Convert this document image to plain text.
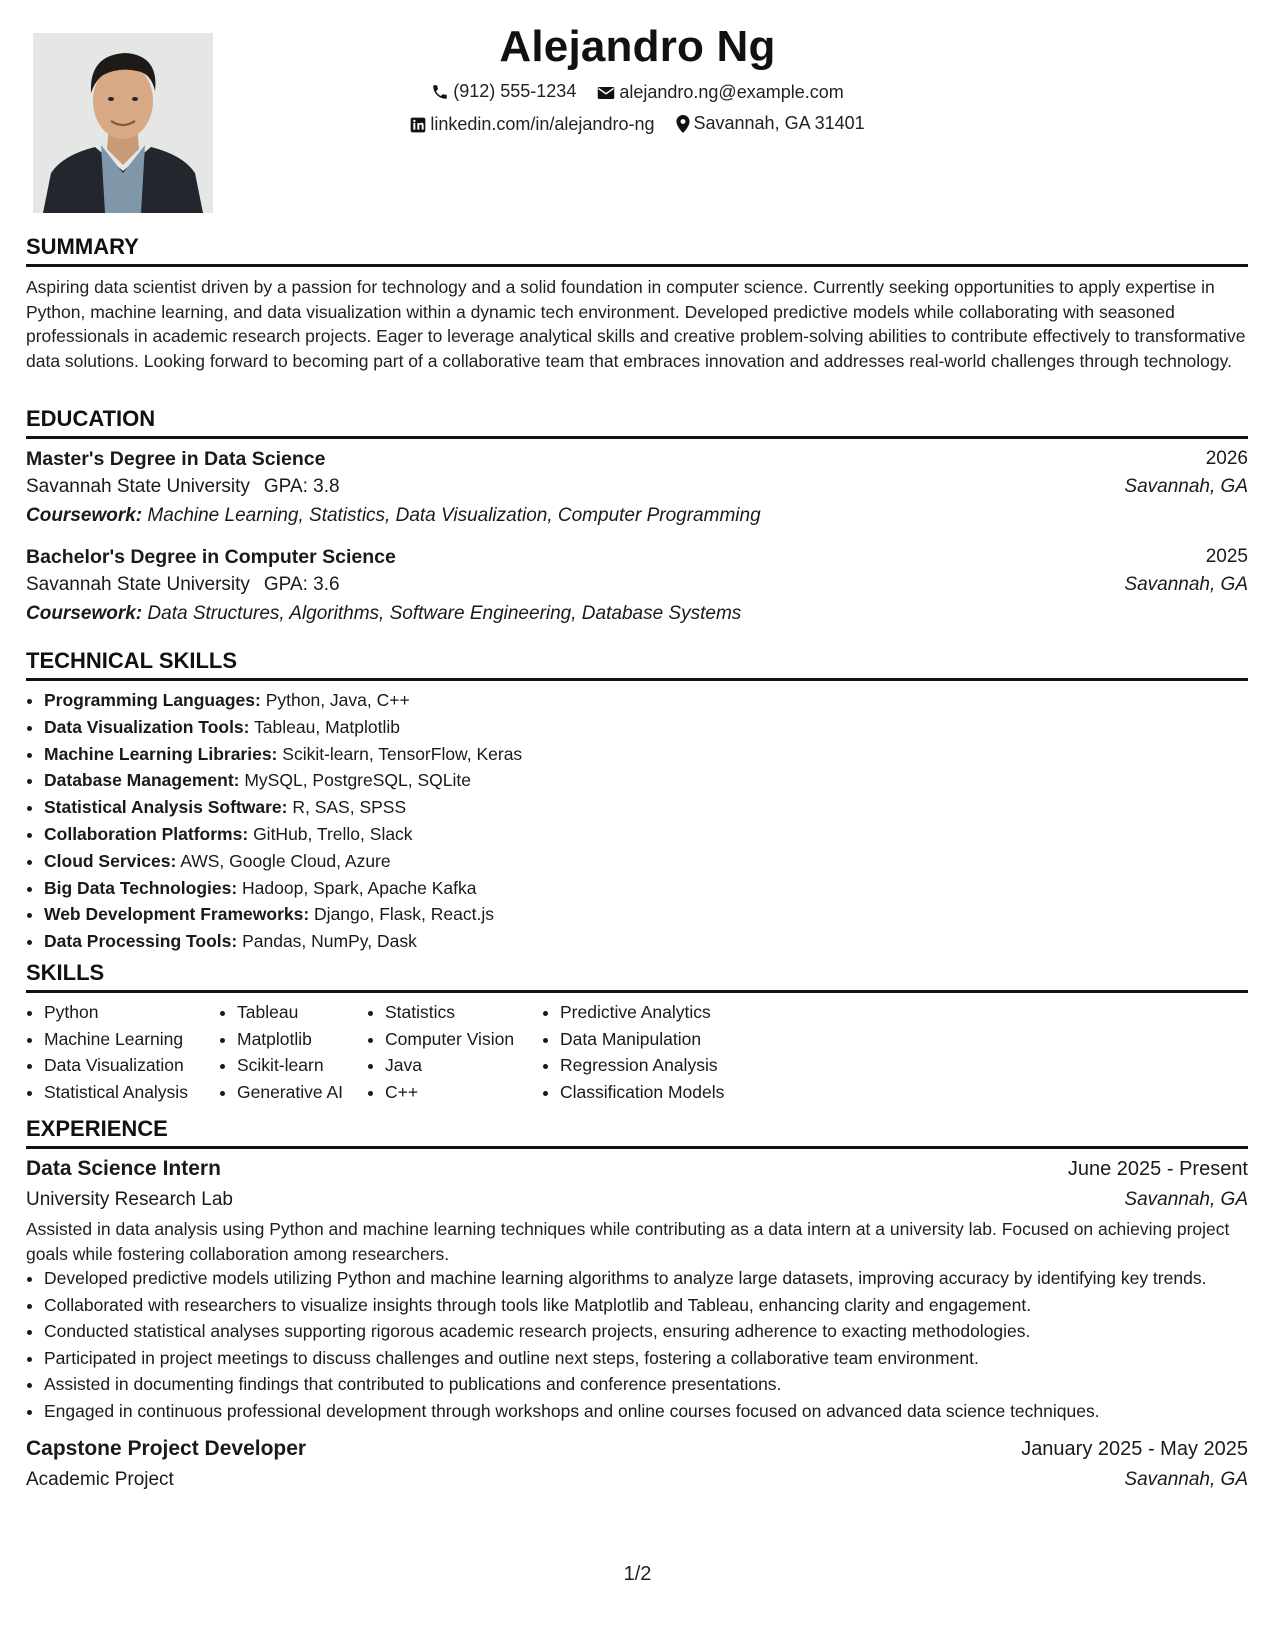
Alejandro Ng
(912) 555-1234
alejandro.ng@example.com
linkedin.com/in/alejandro-ng
Savannah, GA 31401
SUMMARY
Aspiring data scientist driven by a passion for technology and a solid foundation in computer science. Currently seeking opportunities to apply expertise in Python, machine learning, and data visualization within a dynamic tech environment. Developed predictive models while collaborating with seasoned professionals in academic research projects. Eager to leverage analytical skills and creative problem-solving abilities to contribute effectively to transformative data solutions. Looking forward to becoming part of a collaborative team that embraces innovation and addresses real-world challenges through technology.
EDUCATION
Master's Degree in Data Science	2026
Savannah State University GPA: 3.8	Savannah, GA
Coursework: Machine Learning, Statistics, Data Visualization, Computer Programming
Bachelor's Degree in Computer Science	2025
Savannah State University GPA: 3.6	Savannah, GA
Coursework: Data Structures, Algorithms, Software Engineering, Database Systems
TECHNICAL SKILLS
• Programming Languages: Python, Java, C++
• Data Visualization Tools: Tableau, Matplotlib
• Machine Learning Libraries: Scikit-learn, TensorFlow, Keras
• Database Management: MySQL, PostgreSQL, SQLite
• Statistical Analysis Software: R, SAS, SPSS
• Collaboration Platforms: GitHub, Trello, Slack
• Cloud Services: AWS, Google Cloud, Azure
• Big Data Technologies: Hadoop, Spark, Apache Kafka
• Web Development Frameworks: Django, Flask, React.js
• Data Processing Tools: Pandas, NumPy, Dask
SKILLS
• Python
• Machine Learning
• Data Visualization
• Statistical Analysis
• Tableau
• Matplotlib
• Scikit-learn
• Generative AI
• Statistics
• Computer Vision
• Java
• C++
• Predictive Analytics
• Data Manipulation
• Regression Analysis
• Classification Models
EXPERIENCE
Data Science Intern	June 2025 - Present
University Research Lab	Savannah, GA
Assisted in data analysis using Python and machine learning techniques while contributing as a data intern at a university lab. Focused on achieving project goals while fostering collaboration among researchers.
• Developed predictive models utilizing Python and machine learning algorithms to analyze large datasets, improving accuracy by identifying key trends.
• Collaborated with researchers to visualize insights through tools like Matplotlib and Tableau, enhancing clarity and engagement.
• Conducted statistical analyses supporting rigorous academic research projects, ensuring adherence to exacting methodologies.
• Participated in project meetings to discuss challenges and outline next steps, fostering a collaborative team environment.
• Assisted in documenting findings that contributed to publications and conference presentations.
• Engaged in continuous professional development through workshops and online courses focused on advanced data science techniques.
Capstone Project Developer	January 2025 - May 2025
Academic Project	Savannah, GA
1/2
